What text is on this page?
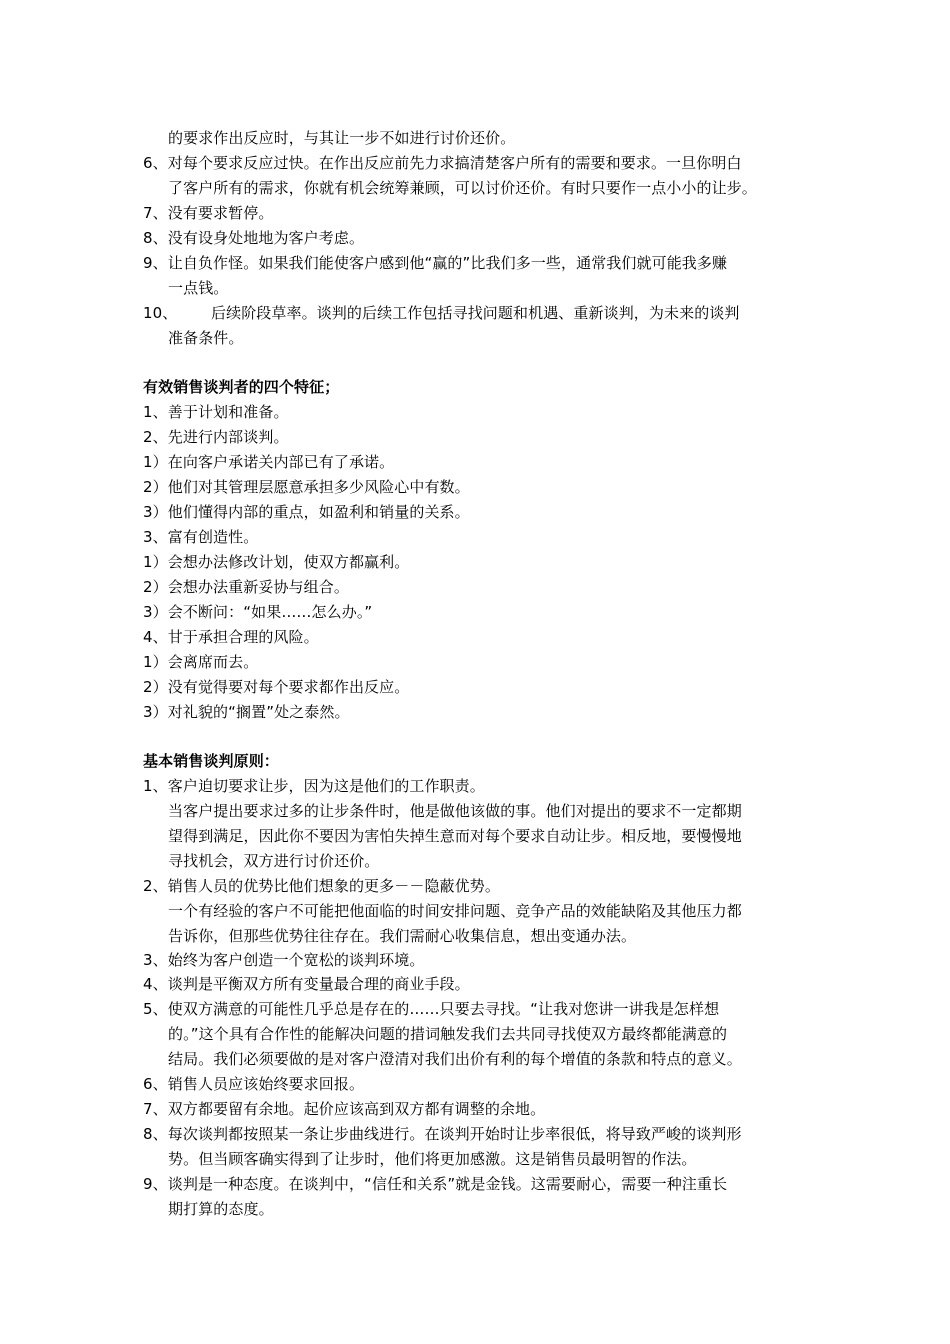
的要求作出反应时，与其让一步不如进行讨价还价。
6、对每个要求反应过快。在作出反应前先力求搞清楚客户所有的需要和要求。一旦你明白
了客户所有的需求，你就有机会统筹兼顾，可以讨价还价。有时只要作一点小小的让步。
7、没有要求暂停。
8、没有设身处地地为客户考虑。
9、让自负作怪。如果我们能使客户感到他“赢的”比我们多一些，通常我们就可能我多赚
一点钱。
10、 后续阶段草率。谈判的后续工作包括寻找问题和机遇、重新谈判，为未来的谈判
准备条件。
有效销售谈判者的四个特征；
1、善于计划和准备。
2、先进行内部谈判。
1）在向客户承诺关内部已有了承诺。
2）他们对其管理层愿意承担多少风险心中有数。
3）他们懂得内部的重点，如盈利和销量的关系。
3、富有创造性。
1）会想办法修改计划，使双方都赢利。
2）会想办法重新妥协与组合。
3）会不断问：“如果……怎么办。”
4、甘于承担合理的风险。
1）会离席而去。
2）没有觉得要对每个要求都作出反应。
3）对礼貌的“搁置”处之泰然。
基本销售谈判原则：
1、客户迫切要求让步，因为这是他们的工作职责。
当客户提出要求过多的让步条件时，他是做他该做的事。他们对提出的要求不一定都期
望得到满足，因此你不要因为害怕失掉生意而对每个要求自动让步。相反地，要慢慢地
寻找机会，双方进行讨价还价。
2、销售人员的优势比他们想象的更多－－隐蔽优势。
一个有经验的客户不可能把他面临的时间安排问题、竞争产品的效能缺陷及其他压力都
告诉你，但那些优势往往存在。我们需耐心收集信息，想出变通办法。
3、始终为客户创造一个宽松的谈判环境。
4、谈判是平衡双方所有变量最合理的商业手段。
5、使双方满意的可能性几乎总是存在的……只要去寻找。“让我对您讲一讲我是怎样想
的。”这个具有合作性的能解决问题的措词触发我们去共同寻找使双方最终都能满意的
结局。我们必须要做的是对客户澄清对我们出价有利的每个增值的条款和特点的意义。
6、销售人员应该始终要求回报。
7、双方都要留有余地。起价应该高到双方都有调整的余地。
8、每次谈判都按照某一条让步曲线进行。在谈判开始时让步率很低，将导致严峻的谈判形
势。但当顾客确实得到了让步时，他们将更加感激。这是销售员最明智的作法。
9、谈判是一种态度。在谈判中，“信任和关系”就是金钱。这需要耐心，需要一种注重长
期打算的态度。
